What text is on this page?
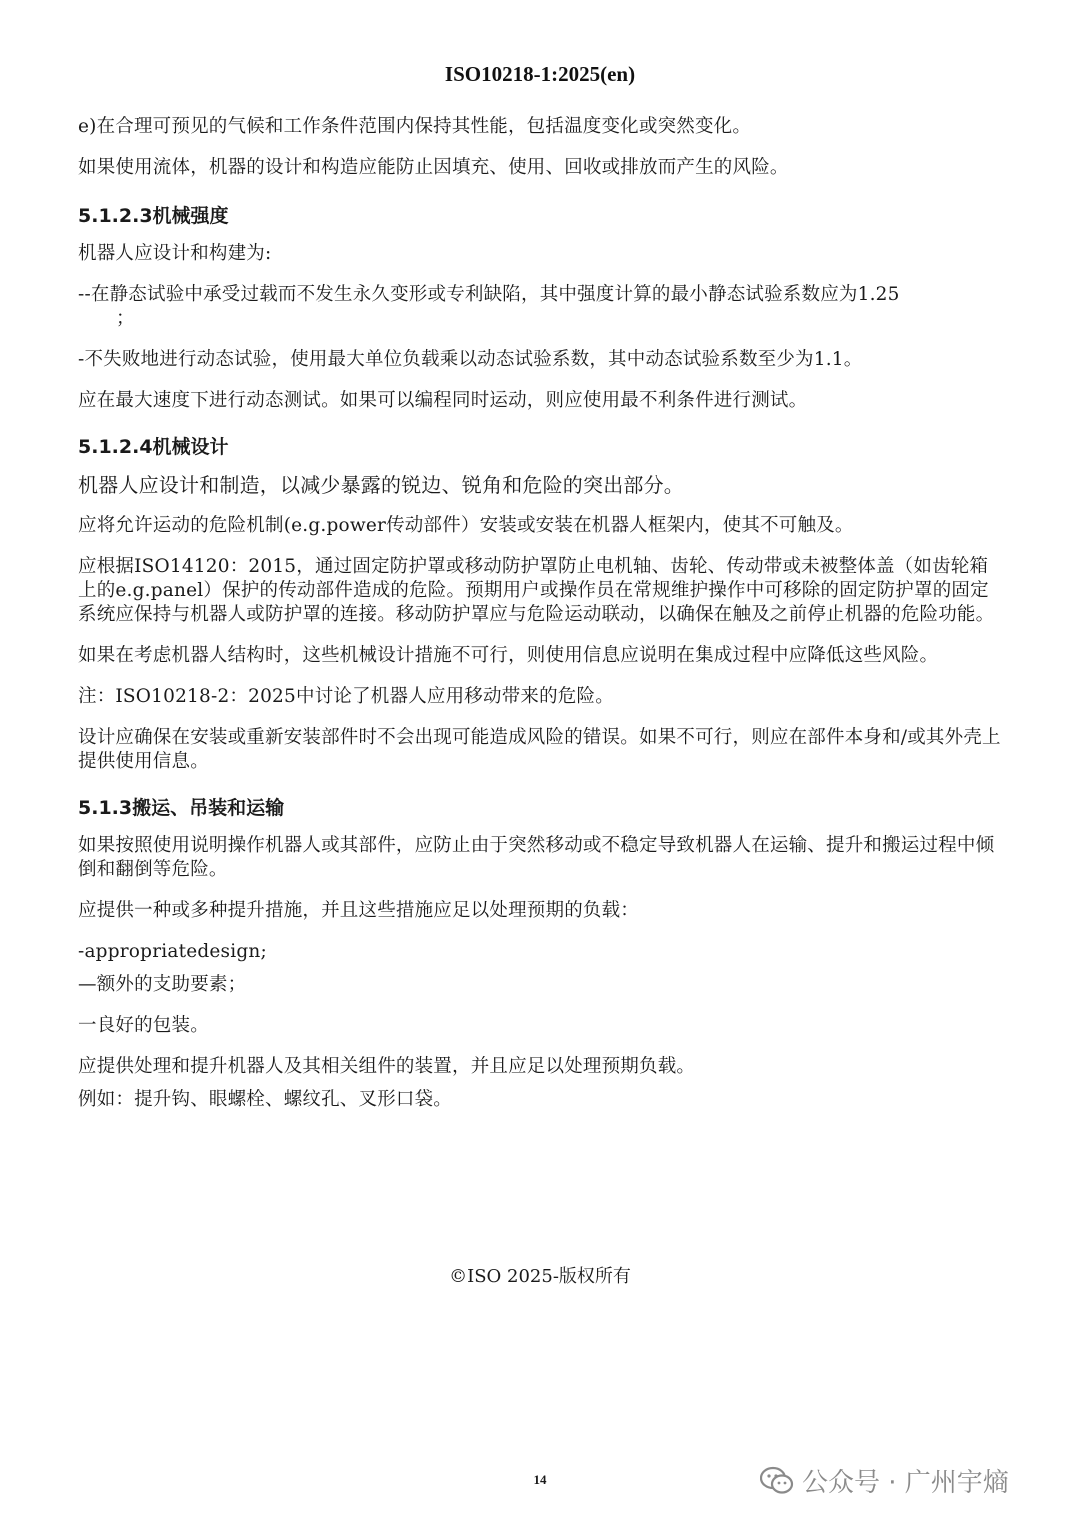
ISO10218-1:2025(en)

e)在合理可预见的气候和工作条件范围内保持其性能，包括温度变化或突然变化。

如果使用流体，机器的设计和构造应能防止因填充、使用、回收或排放而产生的风险。

5.1.2.3机械强度

机器人应设计和构建为:

--在静态试验中承受过载而不发生永久变形或专利缺陷，其中强度计算的最小静态试验系数应为1.25
；

-不失败地进行动态试验，使用最大单位负载乘以动态试验系数，其中动态试验系数至少为1.1。

应在最大速度下进行动态测试。如果可以编程同时运动，则应使用最不利条件进行测试。

5.1.2.4机械设计

机器人应设计和制造，以减少暴露的锐边、锐角和危险的突出部分。

应将允许运动的危险机制(e.g.power传动部件）安装或安装在机器人框架内，使其不可触及。

应根据ISO14120：2015，通过固定防护罩或移动防护罩防止电机轴、齿轮、传动带或未被整体盖（如齿轮箱上的e.g.panel）保护的传动部件造成的危险。预期用户或操作员在常规维护操作中可移除的固定防护罩的固定系统应保持与机器人或防护罩的连接。移动防护罩应与危险运动联动，以确保在触及之前停止机器的危险功能。

如果在考虑机器人结构时，这些机械设计措施不可行，则使用信息应说明在集成过程中应降低这些风险。

注：ISO10218-2：2025中讨论了机器人应用移动带来的危险。

设计应确保在安装或重新安装部件时不会出现可能造成风险的错误。如果不可行，则应在部件本身和/或其外壳上提供使用信息。

5.1.3搬运、吊装和运输

如果按照使用说明操作机器人或其部件，应防止由于突然移动或不稳定导致机器人在运输、提升和搬运过程中倾倒和翻倒等危险。

应提供一种或多种提升措施，并且这些措施应足以处理预期的负载：

-appropriatedesign;

—额外的支助要素；

一良好的包装。

应提供处理和提升机器人及其相关组件的装置，并且应足以处理预期负载。

例如：提升钩、眼螺栓、螺纹孔、叉形口袋。

©ISO 2025-版权所有
14	公众号 · 广州宇熵
